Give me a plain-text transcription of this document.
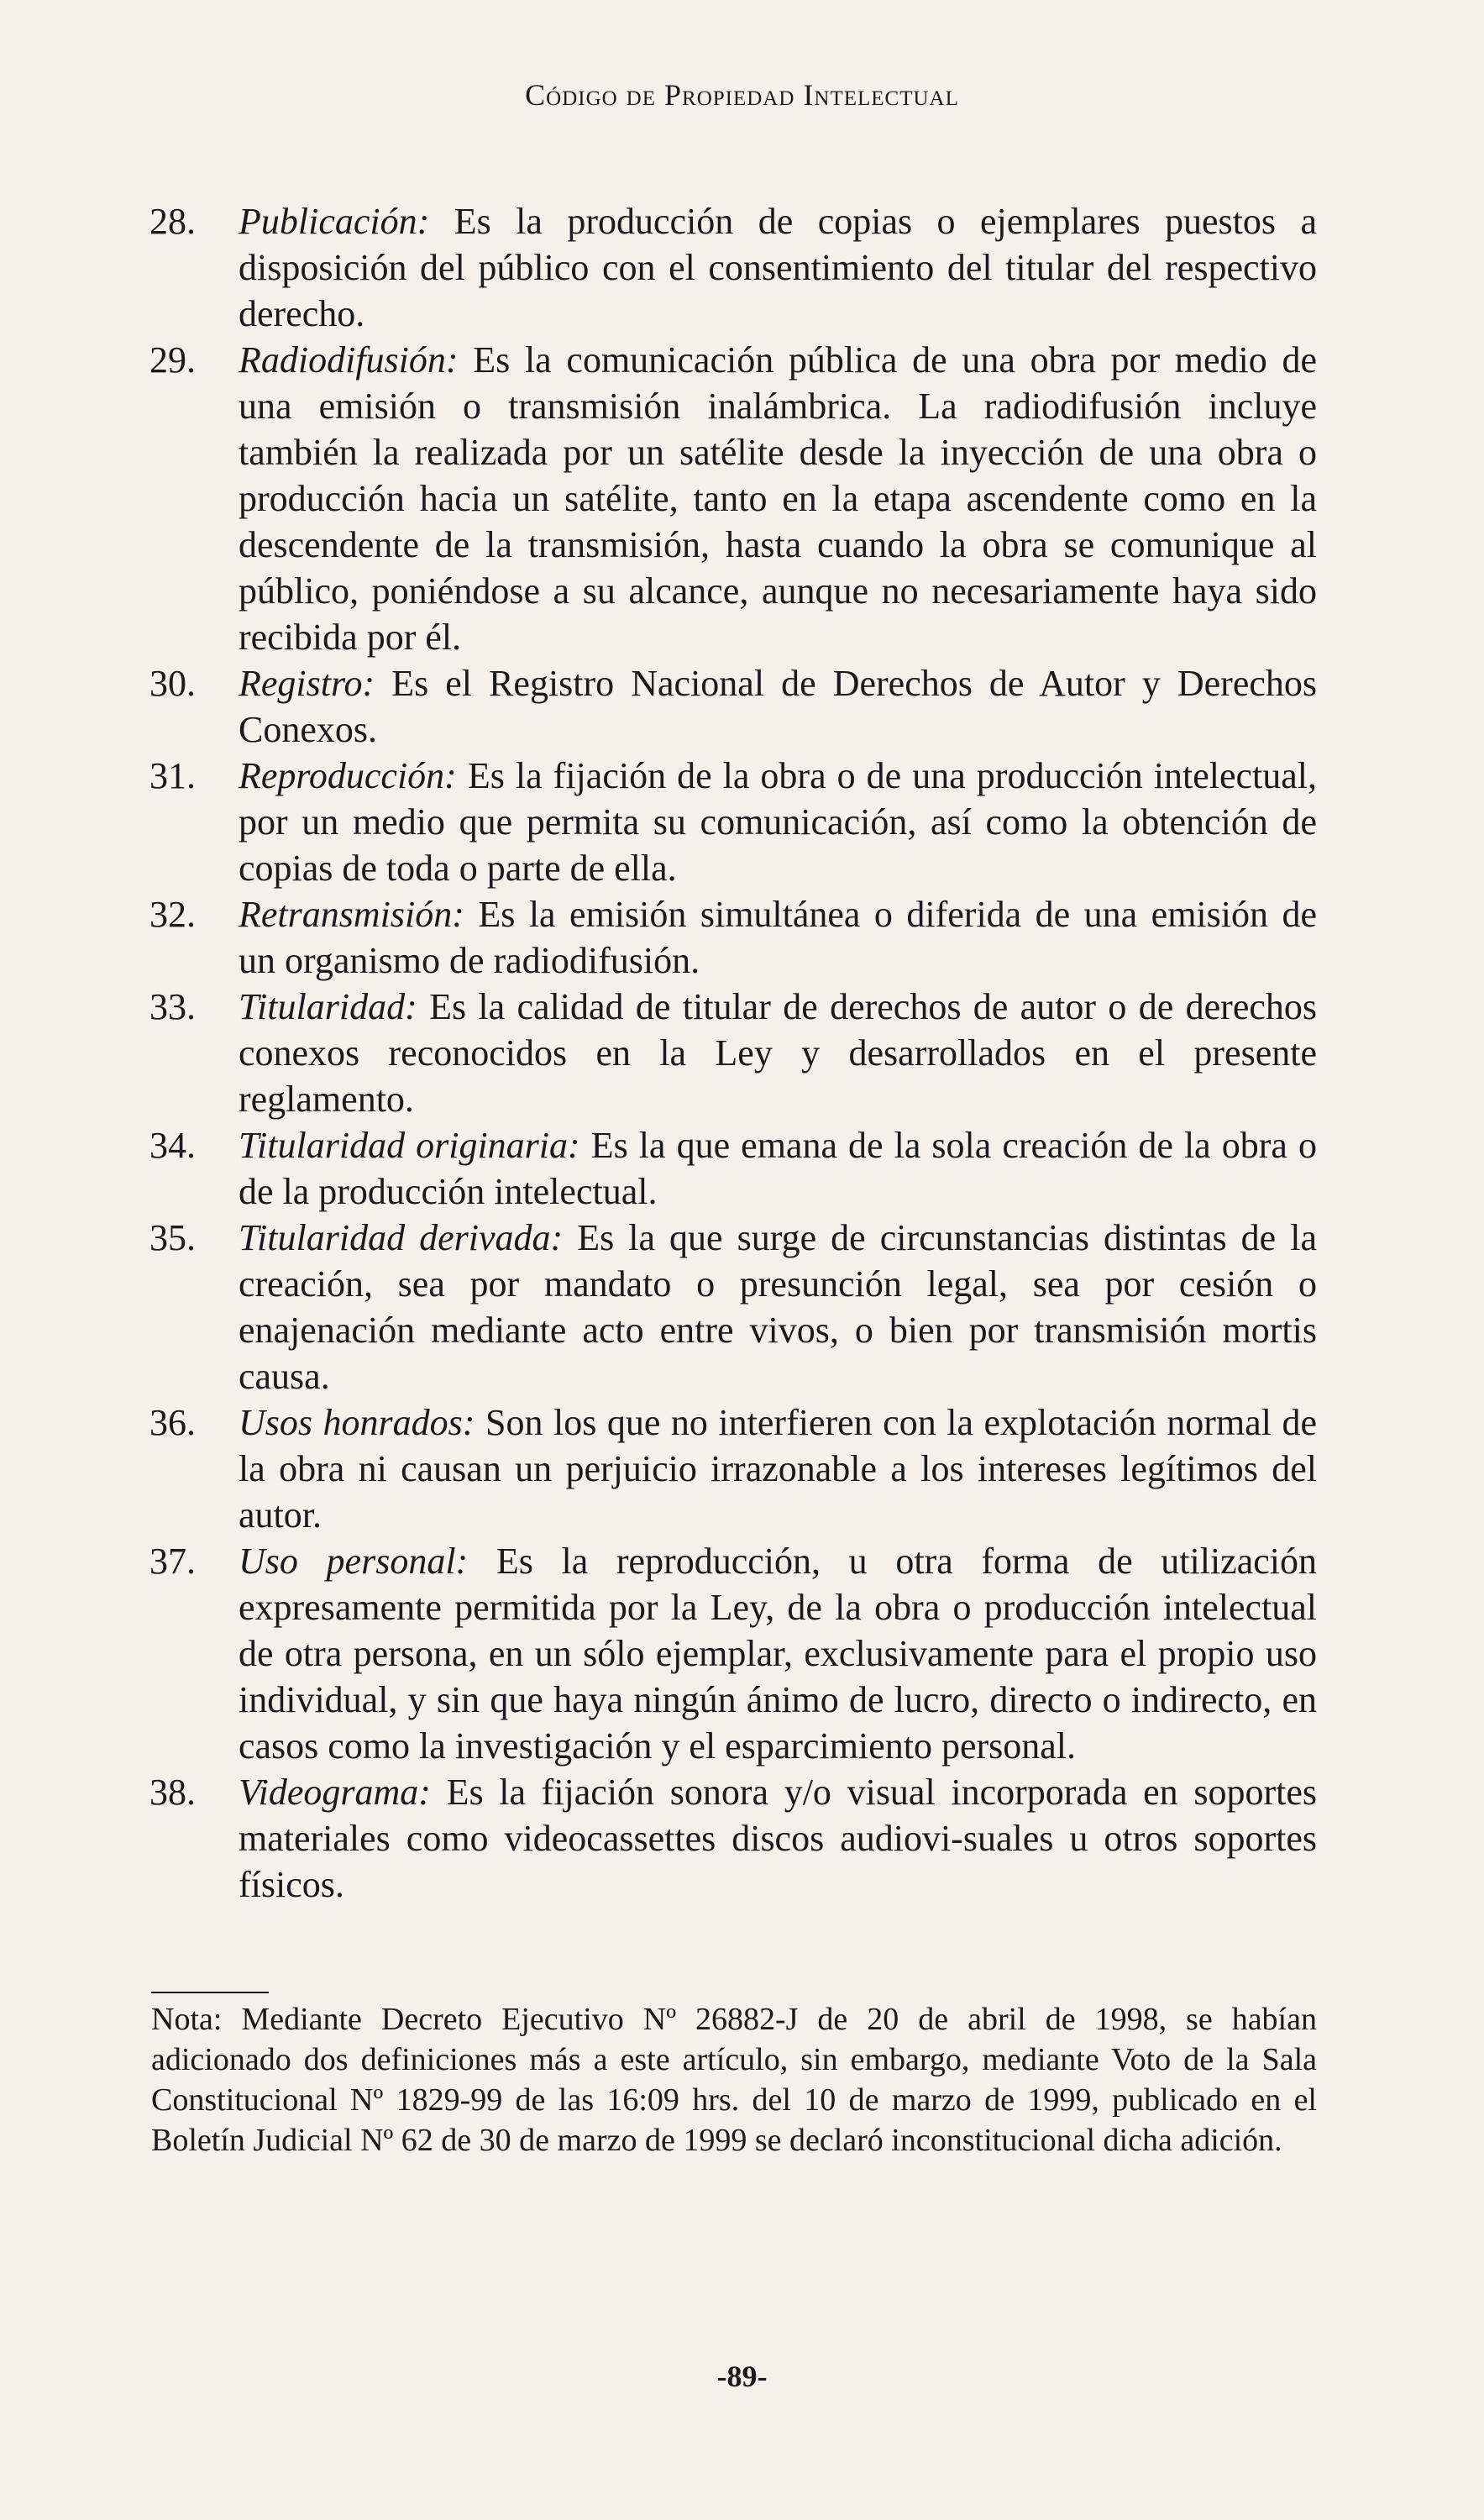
Código de Propiedad Intelectual
28.	Publicación: Es la producción de copias o ejemplares puestos a disposición del público con el consentimiento del titular del respectivo derecho.
29.	Radiodifusión: Es la comunicación pública de una obra por medio de una emisión o transmisión inalámbrica. La radiodifusión incluye también la realizada por un satélite desde la inyección de una obra o producción hacia un satélite, tanto en la etapa ascendente como en la descendente de la transmisión, hasta cuando la obra se comunique al público, poniéndose a su alcance, aunque no necesariamente haya sido recibida por él.
30.	Registro: Es el Registro Nacional de Derechos de Autor y Derechos Conexos.
31.	Reproducción: Es la fijación de la obra o de una producción intelectual, por un medio que permita su comunicación, así como la obtención de copias de toda o parte de ella.
32.	Retransmisión: Es la emisión simultánea o diferida de una emisión de un organismo de radiodifusión.
33.	Titularidad: Es la calidad de titular de derechos de autor o de derechos conexos reconocidos en la Ley y desarrollados en el presente reglamento.
34.	Titularidad originaria: Es la que emana de la sola creación de la obra o de la producción intelectual.
35.	Titularidad derivada: Es la que surge de circunstancias distintas de la creación, sea por mandato o presunción legal, sea por cesión o enajenación mediante acto entre vivos, o bien por transmisión mortis causa.
36.	Usos honrados: Son los que no interfieren con la explotación normal de la obra ni causan un perjuicio irrazonable a los intereses legítimos del autor.
37.	Uso personal: Es la reproducción, u otra forma de utilización expresamente permitida por la Ley, de la obra o producción intelectual de otra persona, en un sólo ejemplar, exclusivamente para el propio uso individual, y sin que haya ningún ánimo de lucro, directo o indirecto, en casos como la investigación y el esparcimiento personal.
38.	Videograma: Es la fijación sonora y/o visual incorporada en soportes materiales como videocassettes discos audiovi-suales u otros soportes físicos.

Nota: Mediante Decreto Ejecutivo Nº 26882-J de 20 de abril de 1998, se habían adicionado dos definiciones más a este artículo, sin embargo, mediante Voto de la Sala Constitucional Nº 1829-99 de las 16:09 hrs. del 10 de marzo de 1999, publicado en el Boletín Judicial Nº 62 de 30 de marzo de 1999 se declaró inconstitucional dicha adición.

-89-
